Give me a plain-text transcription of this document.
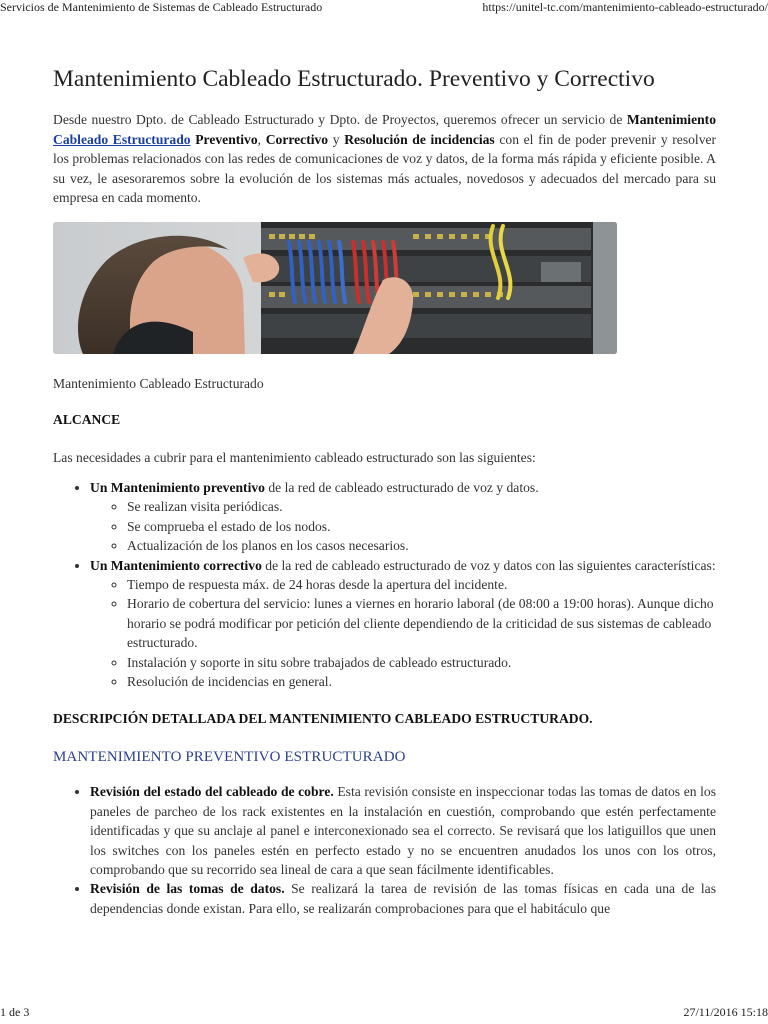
Servicios de Mantenimiento de Sistemas de Cableado Estructurado	https://unitel-tc.com/mantenimiento-cableado-estructurado/
Mantenimiento Cableado Estructurado. Preventivo y Correctivo

Desde nuestro Dpto. de Cableado Estructurado y Dpto. de Proyectos, queremos ofrecer un servicio de Mantenimiento Cableado Estructurado Preventivo, Correctivo y Resolución de incidencias con el fin de poder prevenir y resolver los problemas relacionados con las redes de comunicaciones de voz y datos, de la forma más rápida y eficiente posible. A su vez, le asesoraremos sobre la evolución de los sistemas más actuales, novedosos y adecuados del mercado para su empresa en cada momento.

Mantenimiento Cableado Estructurado
ALCANCE

Las necesidades a cubrir para el mantenimiento cableado estructurado son las siguientes:

• Un Mantenimiento preventivo de la red de cableado estructurado de voz y datos.
◦ Se realizan visita periódicas.
◦ Se comprueba el estado de los nodos.
◦ Actualización de los planos en los casos necesarios.
• Un Mantenimiento correctivo de la red de cableado estructurado de voz y datos con las siguientes características:
◦ Tiempo de respuesta máx. de 24 horas desde la apertura del incidente.
◦ Horario de cobertura del servicio: lunes a viernes en horario laboral (de 08:00 a 19:00 horas). Aunque dicho horario se podrá modificar por petición del cliente dependiendo de la criticidad de sus sistemas de cableado estructurado.
◦ Instalación y soporte in situ sobre trabajados de cableado estructurado.
◦ Resolución de incidencias en general.
DESCRIPCIÓN DETALLADA DEL MANTENIMIENTO CABLEADO ESTRUCTURADO.
MANTENIMIENTO PREVENTIVO ESTRUCTURADO
• Revisión del estado del cableado de cobre. Esta revisión consiste en inspeccionar todas las tomas de datos en los paneles de parcheo de los rack existentes en la instalación en cuestión, comprobando que estén perfectamente identificadas y que su anclaje al panel e interconexionado sea el correcto. Se revisará que los latiguillos que unen los switches con los paneles estén en perfecto estado y no se encuentren anudados los unos con los otros, comprobando que su recorrido sea lineal de cara a que sean fácilmente identificables.
• Revisión de las tomas de datos. Se realizará la tarea de revisión de las tomas físicas en cada una de las dependencias donde existan. Para ello, se realizarán comprobaciones para que el habitáculo que
1 de 3	27/11/2016 15:18
